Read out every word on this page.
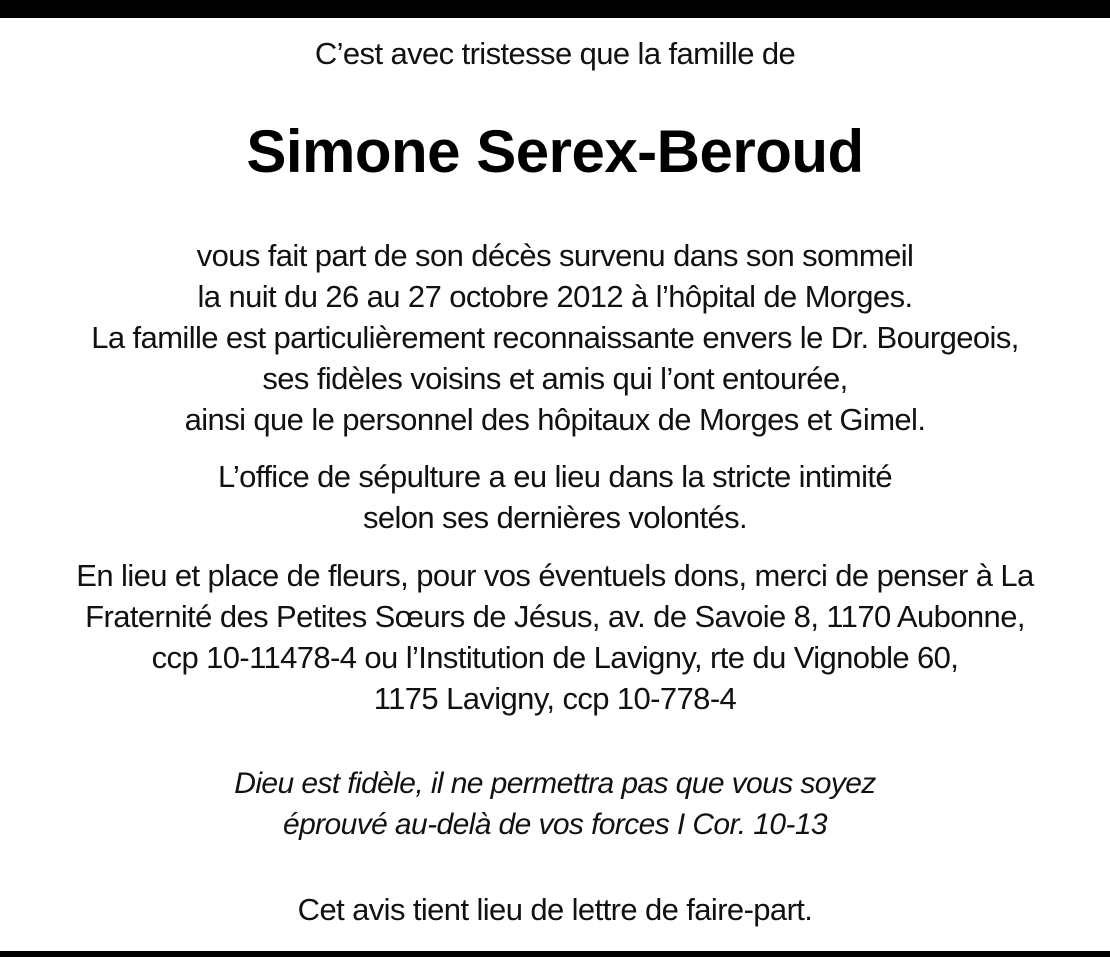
C’est avec tristesse que la famille de
Simone Serex-Beroud
vous fait part de son décès survenu dans son sommeil
la nuit du 26 au 27 octobre 2012 à l’hôpital de Morges.
La famille est particulièrement reconnaissante envers le Dr. Bourgeois,
ses fidèles voisins et amis qui l’ont entourée,
ainsi que le personnel des hôpitaux de Morges et Gimel.
L’office de sépulture a eu lieu dans la stricte intimité
selon ses dernières volontés.
En lieu et place de fleurs, pour vos éventuels dons, merci de penser à La
Fraternité des Petites Sœurs de Jésus, av. de Savoie 8, 1170 Aubonne,
ccp 10-11478-4 ou l’Institution de Lavigny, rte du Vignoble 60,
1175 Lavigny, ccp 10-778-4
Dieu est fidèle, il ne permettra pas que vous soyez
éprouvé au-delà de vos forces I Cor. 10-13
Cet avis tient lieu de lettre de faire-part.
